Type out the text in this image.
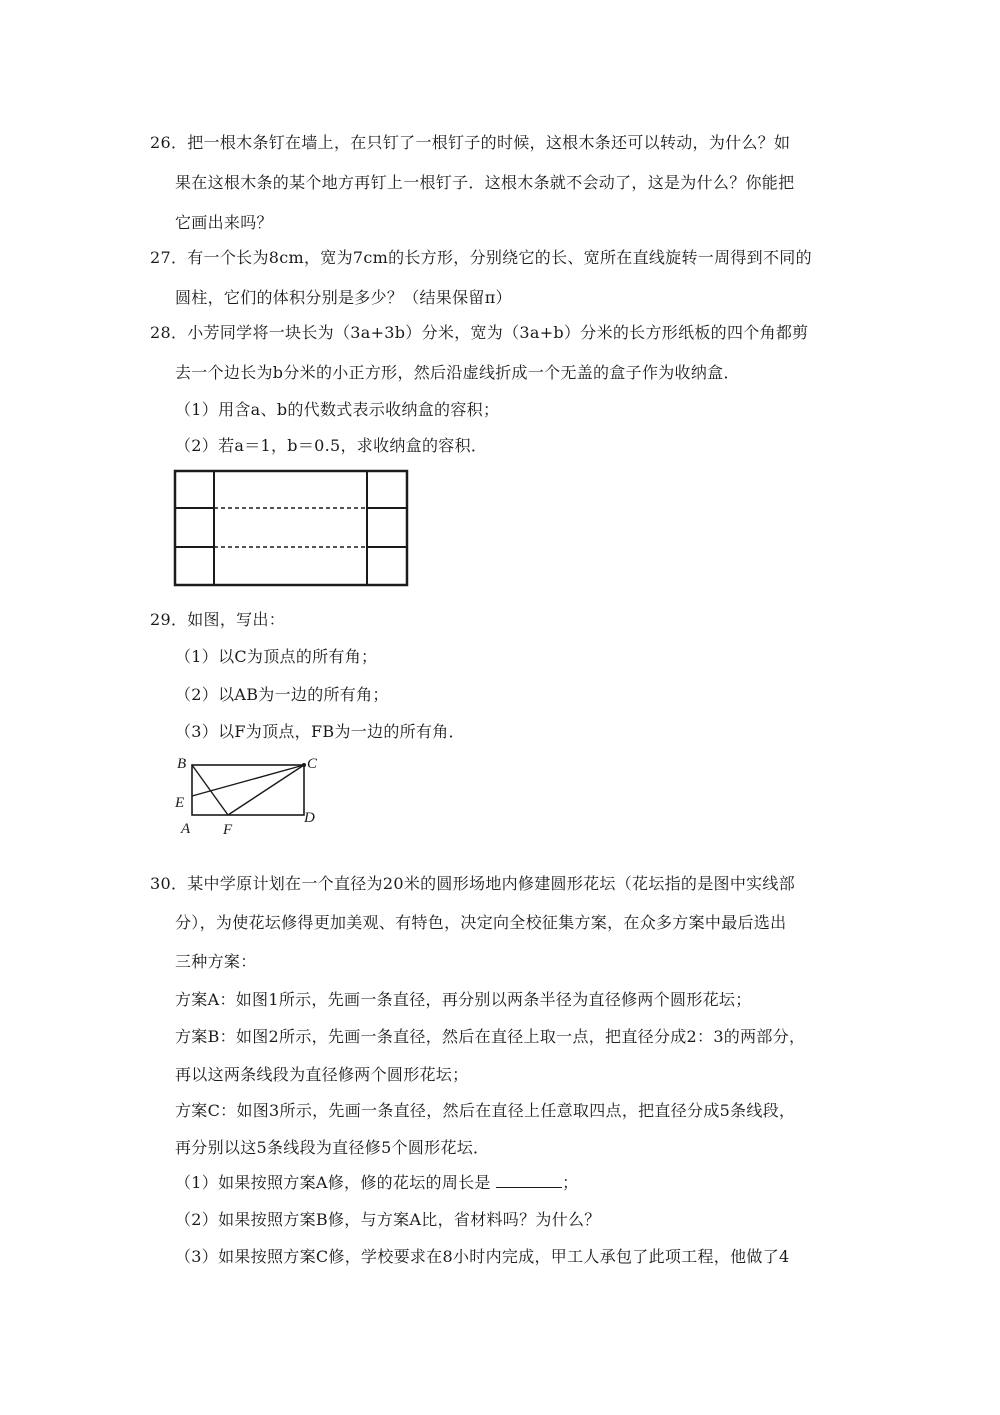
26．把一根木条钉在墙上，在只钉了一根钉子的时候，这根木条还可以转动，为什么？如
果在这根木条的某个地方再钉上一根钉子．这根木条就不会动了，这是为什么？你能把
它画出来吗？
27．有一个长为8cm，宽为7cm的长方形，分别绕它的长、宽所在直线旋转一周得到不同的
圆柱，它们的体积分别是多少？（结果保留π）
28．小芳同学将一块长为（3a+3b）分米，宽为（3a+b）分米的长方形纸板的四个角都剪
去一个边长为b分米的小正方形，然后沿虚线折成一个无盖的盒子作为收纳盒．
（1）用含a、b的代数式表示收纳盒的容积；
（2）若a＝1，b＝0.5，求收纳盒的容积．
29．如图，写出：
（1）以C为顶点的所有角；
（2）以AB为一边的所有角；
（3）以F为顶点，FB为一边的所有角．
B	C
E
A F
D
30．某中学原计划在一个直径为20米的圆形场地内修建圆形花坛（花坛指的是图中实线部
分），为使花坛修得更加美观、有特色，决定向全校征集方案，在众多方案中最后选出
三种方案：
方案A：如图1所示，先画一条直径，再分别以两条半径为直径修两个圆形花坛；
方案B：如图2所示，先画一条直径，然后在直径上取一点，把直径分成2：3的两部分，
再以这两条线段为直径修两个圆形花坛；
方案C：如图3所示，先画一条直径，然后在直径上任意取四点，把直径分成5条线段，
再分别以这5条线段为直径修5个圆形花坛．
（1）如果按照方案A修，修的花坛的周长是	；
（2）如果按照方案B修，与方案A比，省材料吗？为什么？
（3）如果按照方案C修，学校要求在8小时内完成，甲工人承包了此项工程，他做了4
